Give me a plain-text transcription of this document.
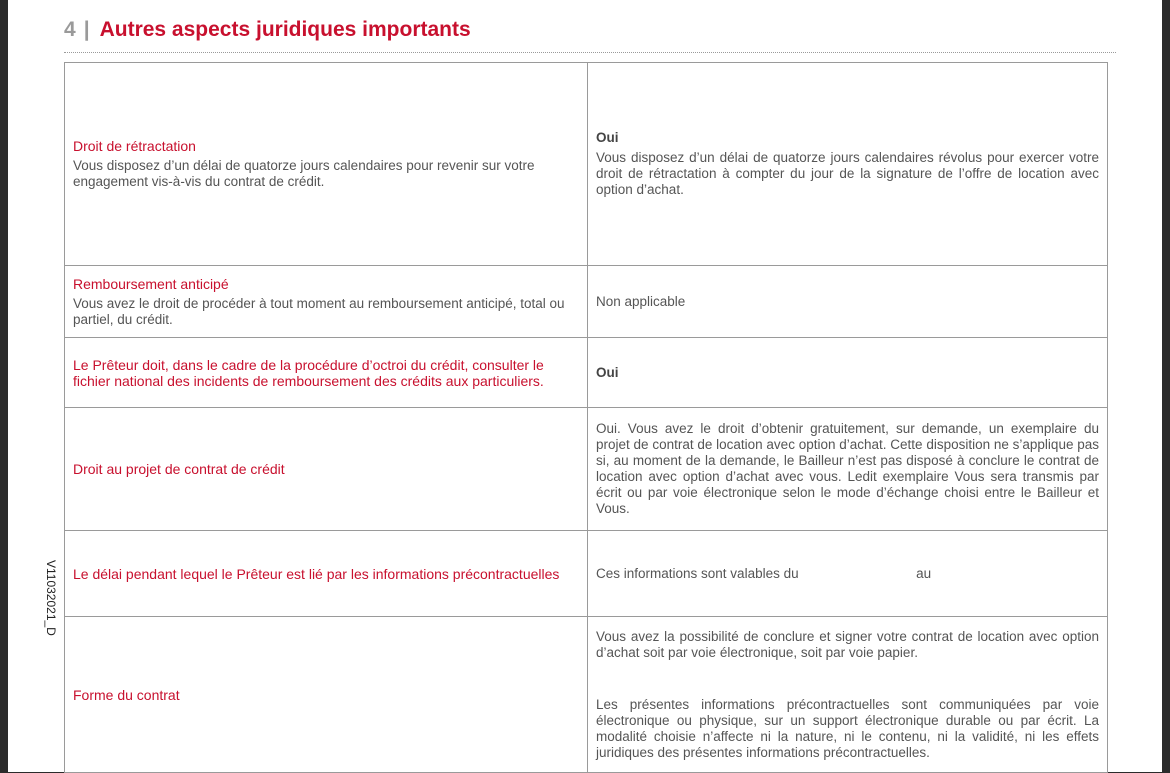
4 | Autres aspects juridiques importants
V11032021_D
Droit de rétractation
Vous disposez d’un délai de quatorze jours calendaires pour revenir sur votre engagement vis-à-vis du contrat de crédit.	Oui
Vous disposez d’un délai de quatorze jours calendaires révolus pour exercer votre droit de rétractation à compter du jour de la signature de l’offre de location avec option d’achat.

Remboursement anticipé
Vous avez le droit de procéder à tout moment au remboursement anticipé, total ou partiel, du crédit.	Non applicable

Le Prêteur doit, dans le cadre de la procédure d’octroi du crédit, consulter le fichier national des incidents de remboursement des crédits aux particuliers.	Oui

Droit au projet de contrat de crédit	Oui. Vous avez le droit d’obtenir gratuitement, sur demande, un exemplaire du projet de contrat de location avec option d’achat. Cette disposition ne s’applique pas si, au moment de la demande, le Bailleur n’est pas disposé à conclure le contrat de location avec option d’achat avec vous. Ledit exemplaire Vous sera transmis par écrit ou par voie électronique selon le mode d’échange choisi entre le Bailleur et Vous.

Le délai pendant lequel le Prêteur est lié par les informations précontractuelles	Ces informations sont valables du au

Forme du contrat	Vous avez la possibilité de conclure et signer votre contrat de location avec option d’achat soit par voie électronique, soit par voie papier.
Les présentes informations précontractuelles sont communiquées par voie électronique ou physique, sur un support électronique durable ou par écrit. La modalité choisie n’affecte ni la nature, ni le contenu, ni la validité, ni les effets juridiques des présentes informations précontractuelles.
